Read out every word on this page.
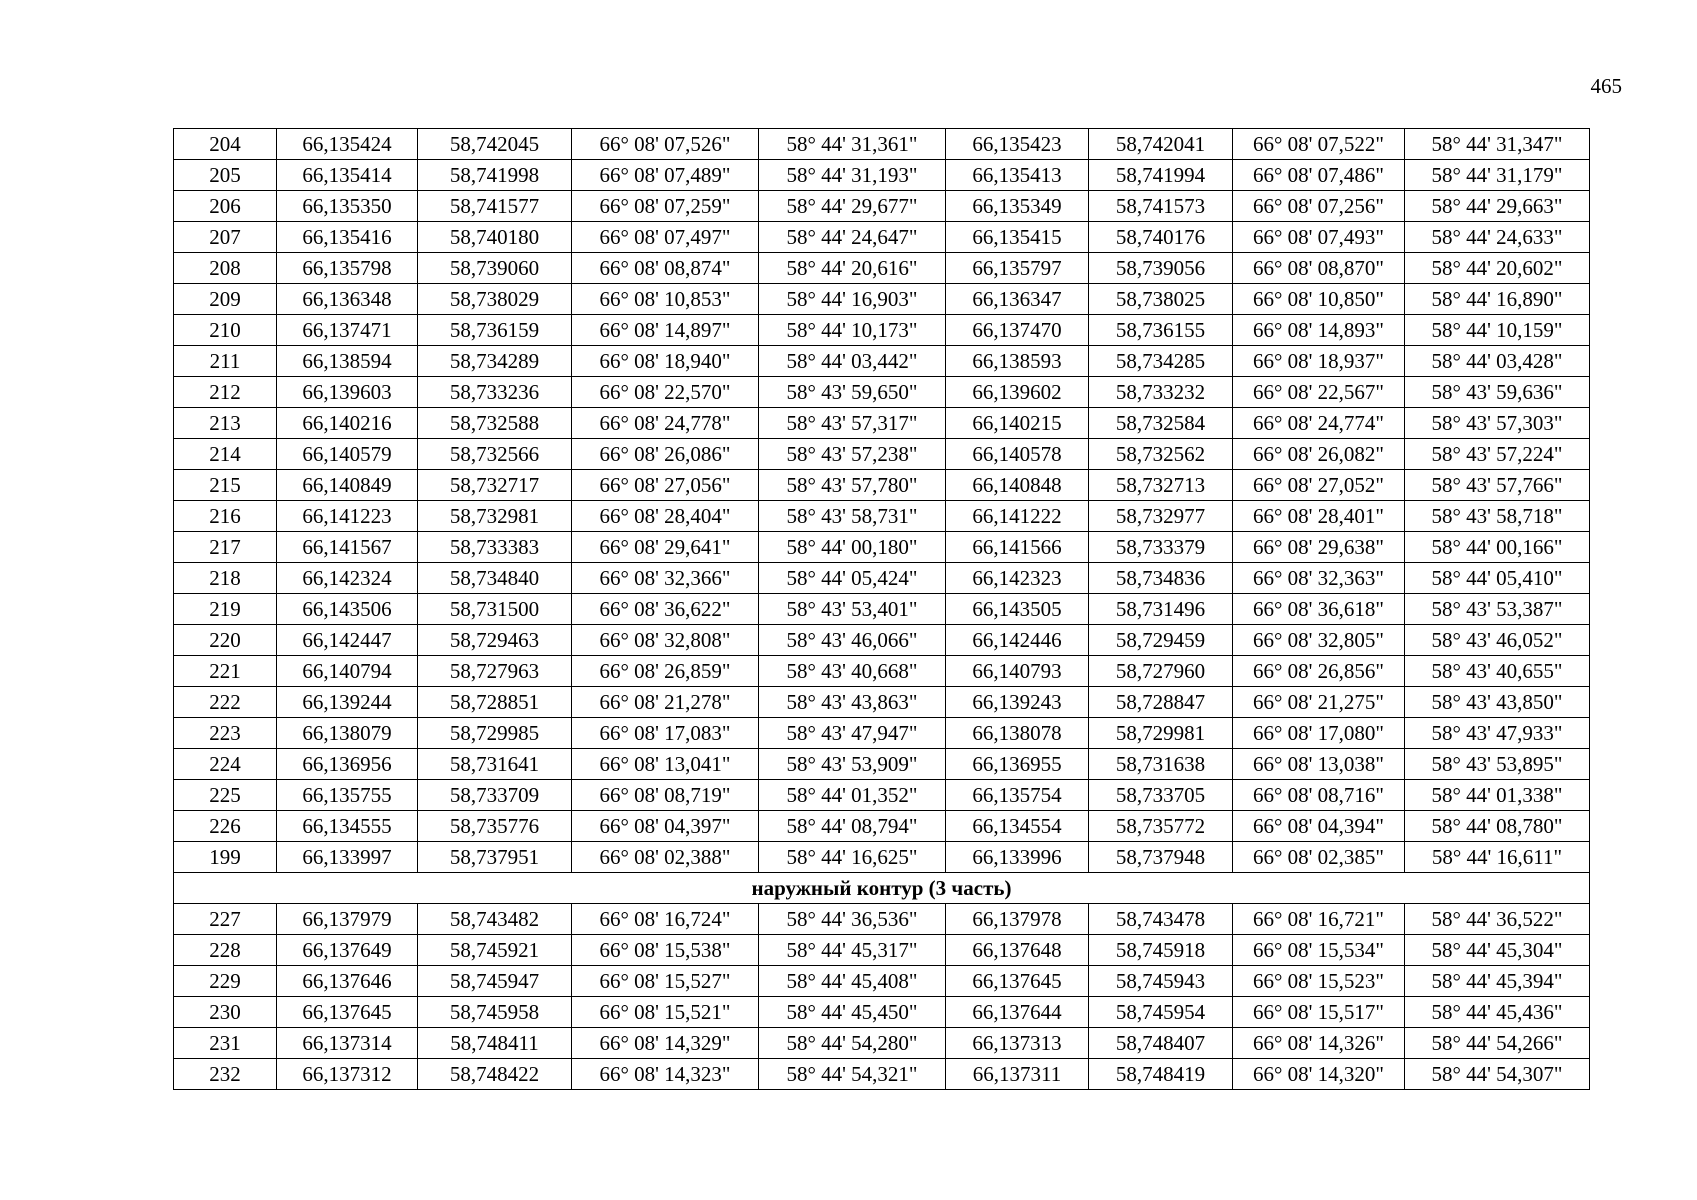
465
204	66,135424	58,742045	66° 08' 07,526"	58° 44' 31,361"	66,135423	58,742041	66° 08' 07,522"	58° 44' 31,347"
205	66,135414	58,741998	66° 08' 07,489"	58° 44' 31,193"	66,135413	58,741994	66° 08' 07,486"	58° 44' 31,179"
206	66,135350	58,741577	66° 08' 07,259"	58° 44' 29,677"	66,135349	58,741573	66° 08' 07,256"	58° 44' 29,663"
207	66,135416	58,740180	66° 08' 07,497"	58° 44' 24,647"	66,135415	58,740176	66° 08' 07,493"	58° 44' 24,633"
208	66,135798	58,739060	66° 08' 08,874"	58° 44' 20,616"	66,135797	58,739056	66° 08' 08,870"	58° 44' 20,602"
209	66,136348	58,738029	66° 08' 10,853"	58° 44' 16,903"	66,136347	58,738025	66° 08' 10,850"	58° 44' 16,890"
210	66,137471	58,736159	66° 08' 14,897"	58° 44' 10,173"	66,137470	58,736155	66° 08' 14,893"	58° 44' 10,159"
211	66,138594	58,734289	66° 08' 18,940"	58° 44' 03,442"	66,138593	58,734285	66° 08' 18,937"	58° 44' 03,428"
212	66,139603	58,733236	66° 08' 22,570"	58° 43' 59,650"	66,139602	58,733232	66° 08' 22,567"	58° 43' 59,636"
213	66,140216	58,732588	66° 08' 24,778"	58° 43' 57,317"	66,140215	58,732584	66° 08' 24,774"	58° 43' 57,303"
214	66,140579	58,732566	66° 08' 26,086"	58° 43' 57,238"	66,140578	58,732562	66° 08' 26,082"	58° 43' 57,224"
215	66,140849	58,732717	66° 08' 27,056"	58° 43' 57,780"	66,140848	58,732713	66° 08' 27,052"	58° 43' 57,766"
216	66,141223	58,732981	66° 08' 28,404"	58° 43' 58,731"	66,141222	58,732977	66° 08' 28,401"	58° 43' 58,718"
217	66,141567	58,733383	66° 08' 29,641"	58° 44' 00,180"	66,141566	58,733379	66° 08' 29,638"	58° 44' 00,166"
218	66,142324	58,734840	66° 08' 32,366"	58° 44' 05,424"	66,142323	58,734836	66° 08' 32,363"	58° 44' 05,410"
219	66,143506	58,731500	66° 08' 36,622"	58° 43' 53,401"	66,143505	58,731496	66° 08' 36,618"	58° 43' 53,387"
220	66,142447	58,729463	66° 08' 32,808"	58° 43' 46,066"	66,142446	58,729459	66° 08' 32,805"	58° 43' 46,052"
221	66,140794	58,727963	66° 08' 26,859"	58° 43' 40,668"	66,140793	58,727960	66° 08' 26,856"	58° 43' 40,655"
222	66,139244	58,728851	66° 08' 21,278"	58° 43' 43,863"	66,139243	58,728847	66° 08' 21,275"	58° 43' 43,850"
223	66,138079	58,729985	66° 08' 17,083"	58° 43' 47,947"	66,138078	58,729981	66° 08' 17,080"	58° 43' 47,933"
224	66,136956	58,731641	66° 08' 13,041"	58° 43' 53,909"	66,136955	58,731638	66° 08' 13,038"	58° 43' 53,895"
225	66,135755	58,733709	66° 08' 08,719"	58° 44' 01,352"	66,135754	58,733705	66° 08' 08,716"	58° 44' 01,338"
226	66,134555	58,735776	66° 08' 04,397"	58° 44' 08,794"	66,134554	58,735772	66° 08' 04,394"	58° 44' 08,780"
199	66,133997	58,737951	66° 08' 02,388"	58° 44' 16,625"	66,133996	58,737948	66° 08' 02,385"	58° 44' 16,611"
наружный контур (3 часть)								
227	66,137979	58,743482	66° 08' 16,724"	58° 44' 36,536"	66,137978	58,743478	66° 08' 16,721"	58° 44' 36,522"
228	66,137649	58,745921	66° 08' 15,538"	58° 44' 45,317"	66,137648	58,745918	66° 08' 15,534"	58° 44' 45,304"
229	66,137646	58,745947	66° 08' 15,527"	58° 44' 45,408"	66,137645	58,745943	66° 08' 15,523"	58° 44' 45,394"
230	66,137645	58,745958	66° 08' 15,521"	58° 44' 45,450"	66,137644	58,745954	66° 08' 15,517"	58° 44' 45,436"
231	66,137314	58,748411	66° 08' 14,329"	58° 44' 54,280"	66,137313	58,748407	66° 08' 14,326"	58° 44' 54,266"
232	66,137312	58,748422	66° 08' 14,323"	58° 44' 54,321"	66,137311	58,748419	66° 08' 14,320"	58° 44' 54,307"
